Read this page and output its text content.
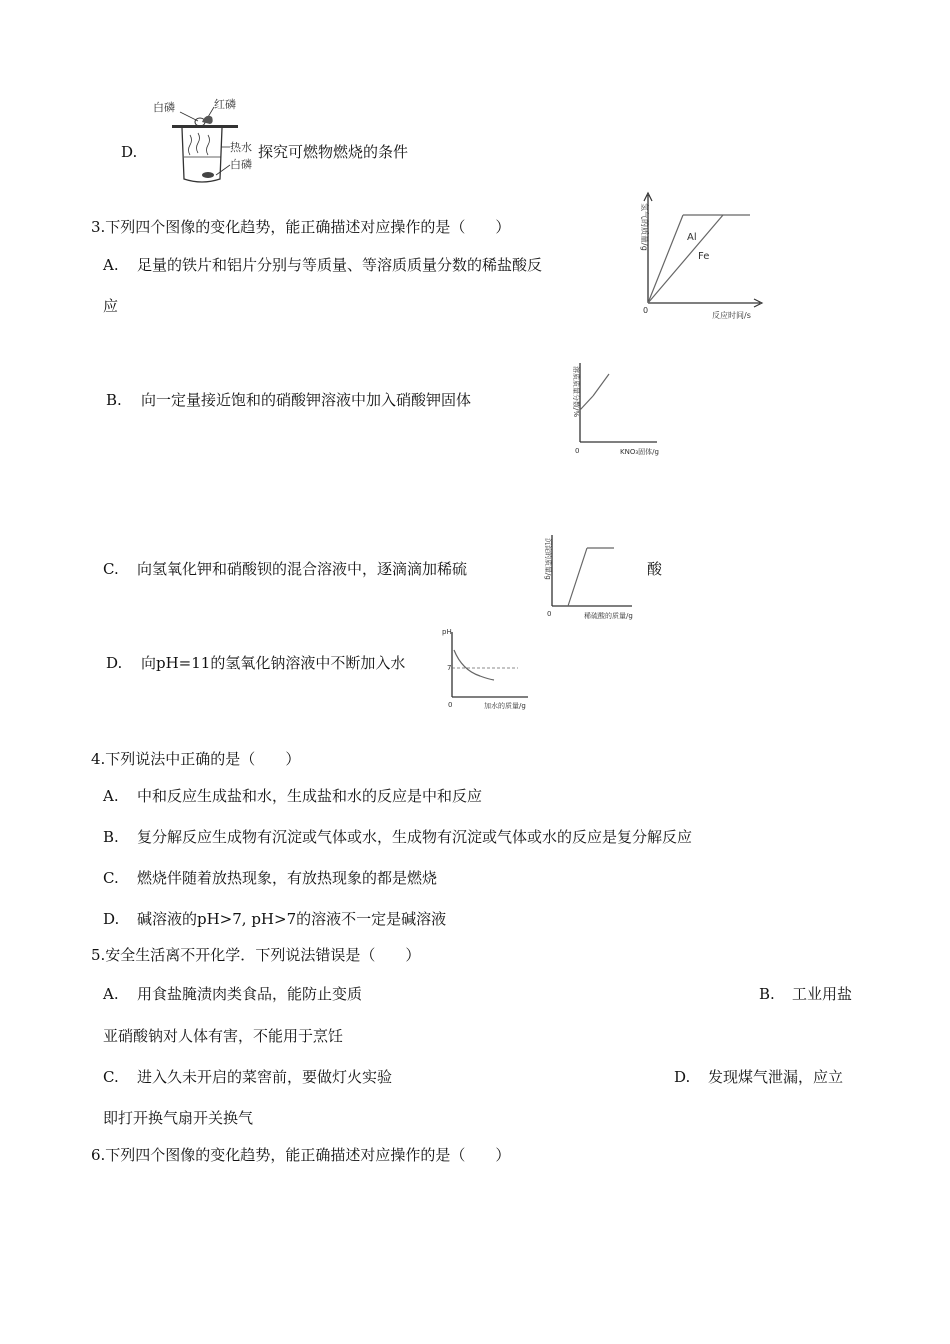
D.
白磷	红磷
热水
白磷
探究可燃物燃烧的条件
3.下列四个图像的变化趋势，能正确描述对应操作的是（　　）
A. 足量的铁片和铝片分别与等质量、等溶质质量分数的稀盐酸反
应
Al
Fe
0
反应时间/s
氢气的质量/g
B. 向一定量接近饱和的硝酸钾溶液中加入硝酸钾固体
0	KNO₃固体/g
溶质质量分数/%
C. 向氢氧化钾和硝酸钡的混合溶液中，逐滴滴加稀硫
0	稀硫酸的质量/g
沉淀的质量/g	酸
D. 向pH=11的氢氧化钠溶液中不断加入水
pH
7
0	加水的质量/g
4.下列说法中正确的是（　　）
A. 中和反应生成盐和水，生成盐和水的反应是中和反应
B. 复分解反应生成物有沉淀或气体或水，生成物有沉淀或气体或水的反应是复分解反应
C. 燃烧伴随着放热现象，有放热现象的都是燃烧
D. 碱溶液的pH>7, pH>7的溶液不一定是碱溶液
5.安全生活离不开化学．下列说法错误是（　　）
A. 用食盐腌渍肉类食品，能防止变质	B. 工业用盐
亚硝酸钠对人体有害，不能用于烹饪
C. 进入久未开启的菜窖前，要做灯火实验	D. 发现煤气泄漏，应立
即打开换气扇开关换气
6.下列四个图像的变化趋势，能正确描述对应操作的是（　　）
